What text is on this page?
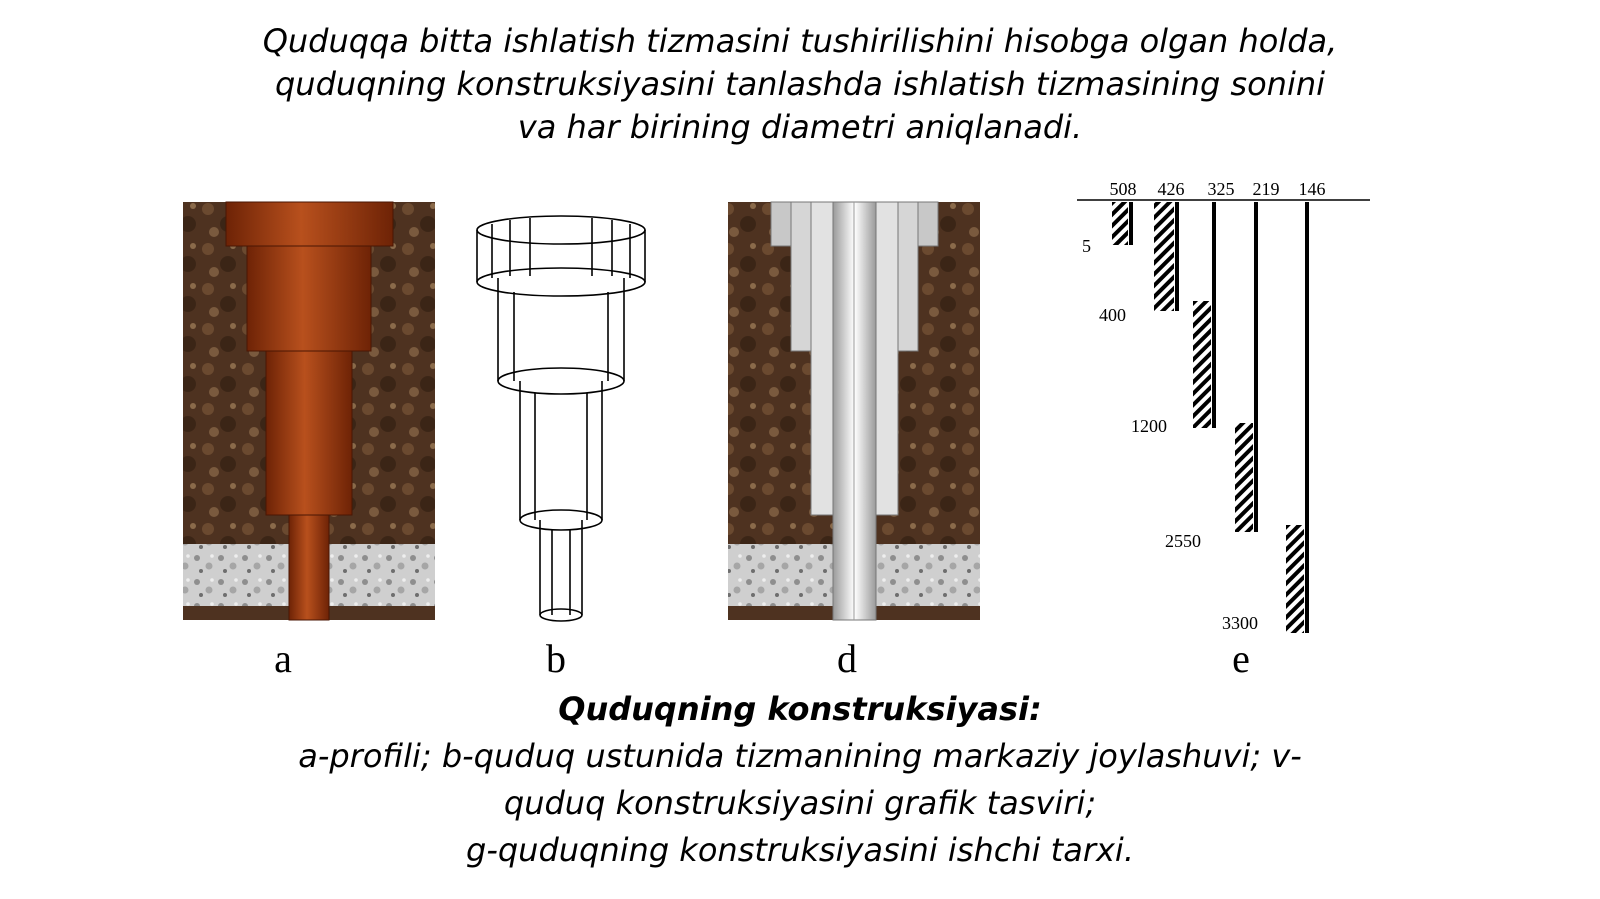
Quduqqa bitta ishlatish tizmasini tushirilishini hisobga olgan holda,
quduqning konstruksiyasini tanlashda ishlatish tizmasining sonini
va har birining diametri aniqlanadi.
508 426 325 219 146
5
400
1200
2550
3300
a	b	d	e
Quduqning konstruksiyasi:
a-profili; b-quduq ustunida tizmanining markaziy joylashuvi; v-
quduq konstruksiyasini grafik tasviri;
g-quduqning konstruksiyasini ishchi tarxi.
